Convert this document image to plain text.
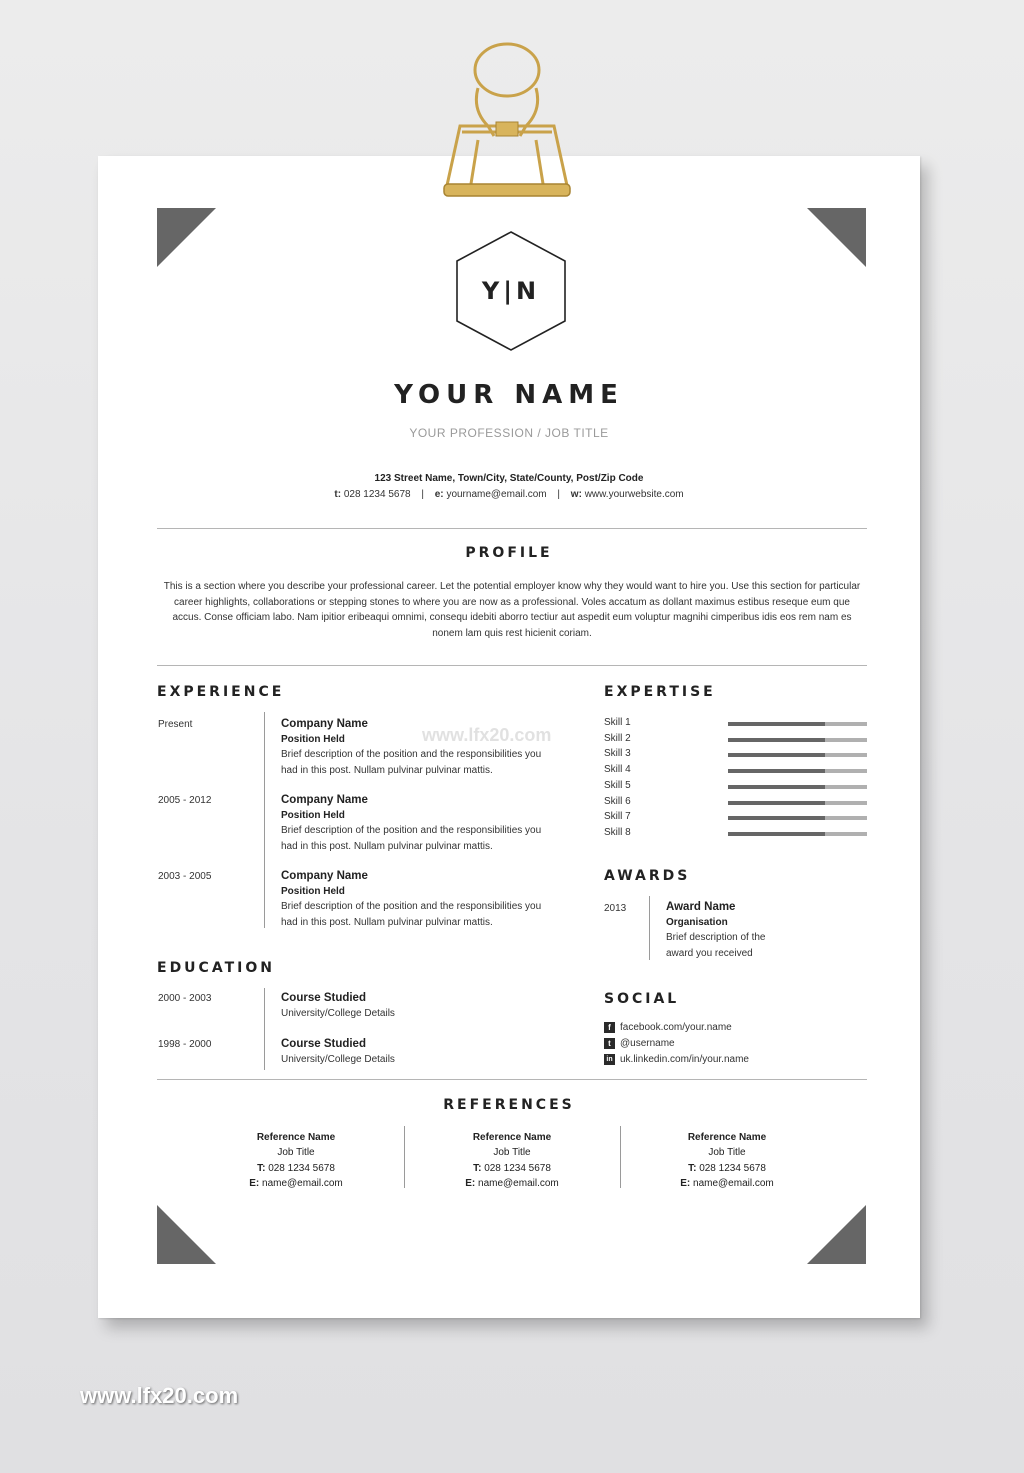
Y|N
YOUR NAME
YOUR PROFESSION / JOB TITLE
123 Street Name, Town/City, State/County, Post/Zip Code
t: 028 1234 5678 | e: yourname@email.com | w: www.yourwebsite.com
PROFILE
This is a section where you describe your professional career. Let the potential employer know why they would want to hire you. Use this section for particular career highlights, collaborations or stepping stones to where you are now as a professional. Voles accatum as dollant maximus estibus reseque eum que accus. Conse officiam labo. Nam ipitior eribeaqui omnimi, consequ idebiti aborro tectiur aut aspedit eum voluptur magnihi cimperibus idis eos rem nam es nonem lam quis rest hicienit coriam.
EXPERIENCE
Present	Company Name
Position Held
Brief description of the position and the responsibilities you
had in this post. Nullam pulvinar pulvinar mattis.
2005 - 2012	Company Name
Position Held
Brief description of the position and the responsibilities you
had in this post. Nullam pulvinar pulvinar mattis.
2003 - 2005	Company Name
Position Held
Brief description of the position and the responsibilities you
had in this post. Nullam pulvinar pulvinar mattis.
EDUCATION
2000 - 2003	Course Studied
University/College Details
1998 - 2000	Course Studied
University/College Details
EXPERTISE
AWARDS
2013	Award Name
Organisation
Brief description of the
award you received
SOCIAL
f facebook.com/your.name
t @username
in uk.linkedin.com/in/your.name
REFERENCES
Reference Name
Job Title
T: 028 1234 5678
E: name@email.com
Reference Name
Job Title
T: 028 1234 5678
E: name@email.com
Reference Name
Job Title
T: 028 1234 5678
E: name@email.com
Skill 1
Skill 2
Skill 3
Skill 4
Skill 5
Skill 6
Skill 7
Skill 8
www.lfx20.com
www.lfx20.com
